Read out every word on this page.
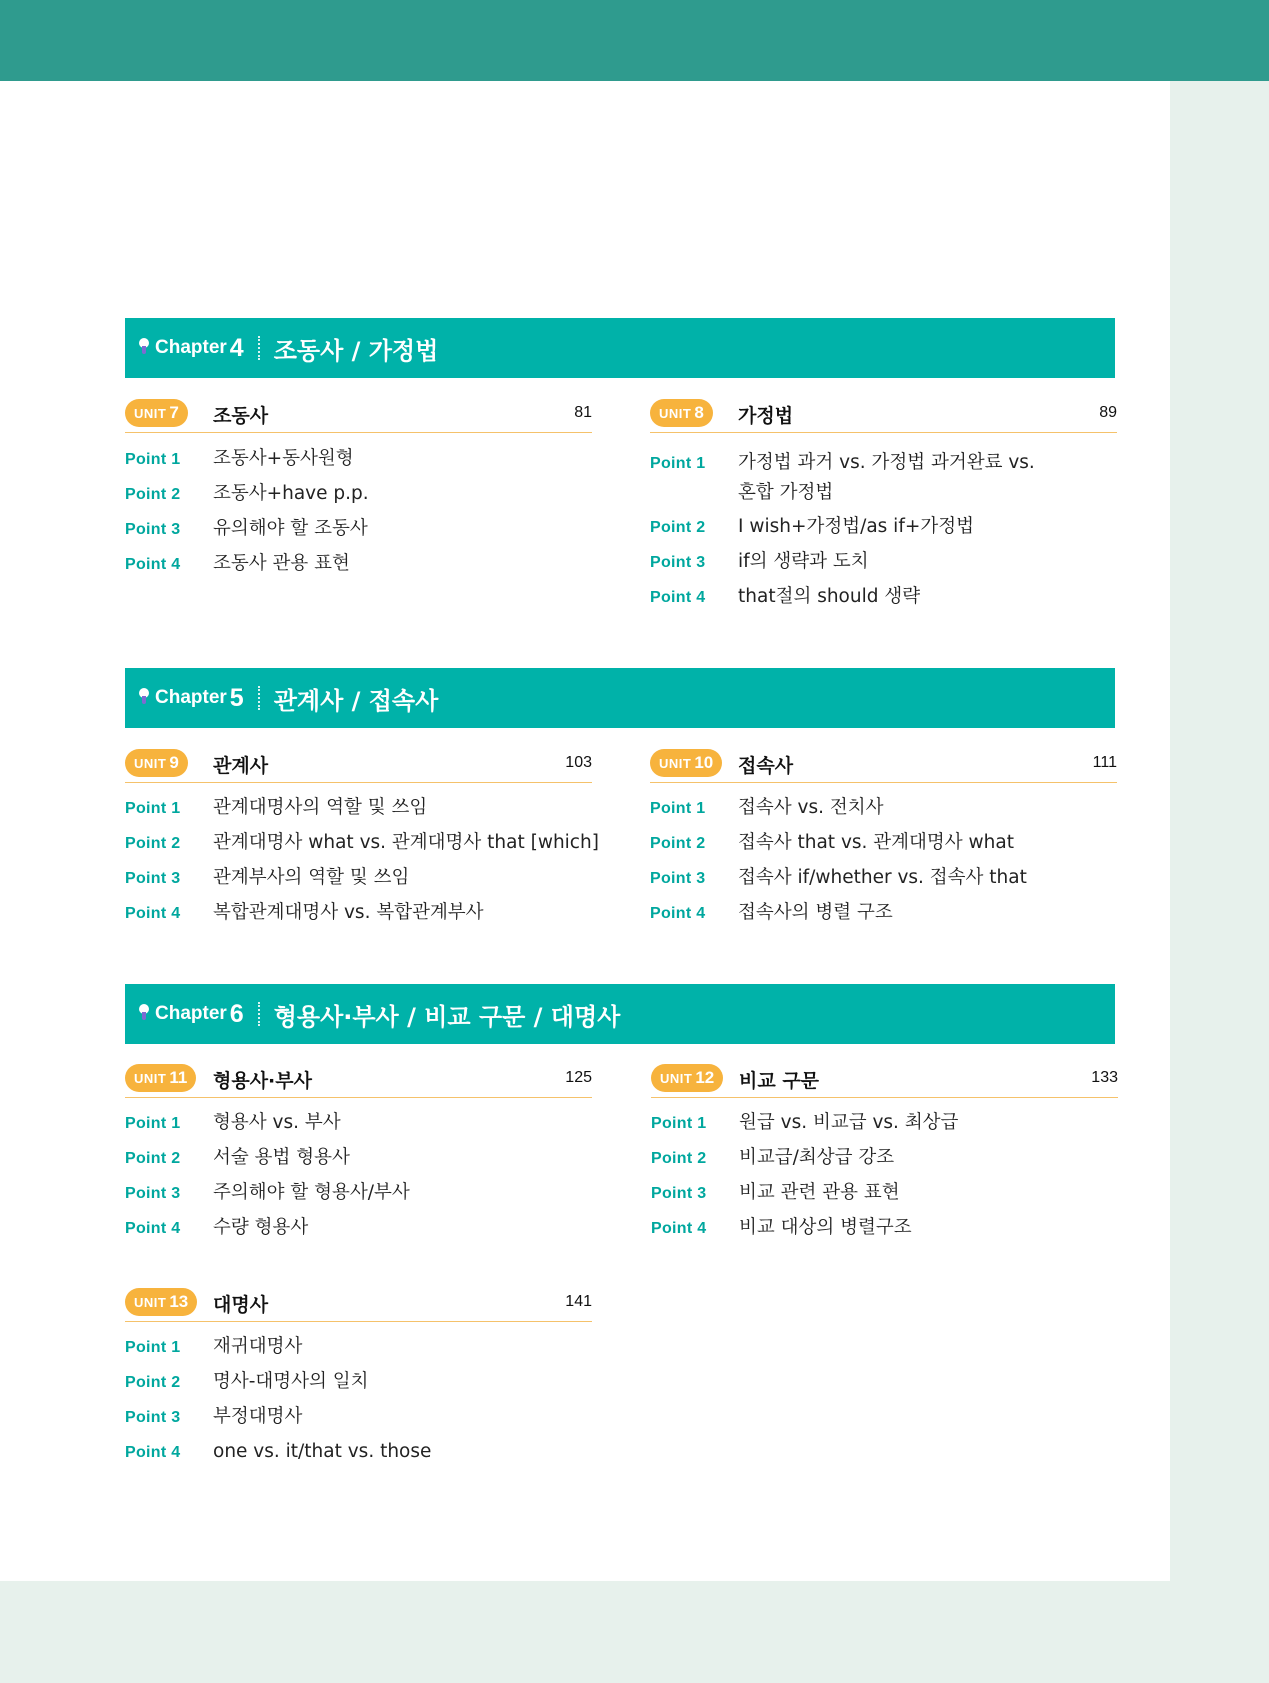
Chapter 4 조동사 / 가정법
UNIT 7 조동사	81
Point 1 조동사+동사원형
Point 2 조동사+have p.p.
Point 3 유의해야 할 조동사
Point 4 조동사 관용 표현
UNIT 8 가정법	89
Point 1 가정법 과거 vs. 가정법 과거완료 vs.
혼합 가정법
Point 2 I wish+가정법/as if+가정법
Point 3 if의 생략과 도치
Point 4 that절의 should 생략
Chapter 5 관계사 / 접속사
UNIT 9 관계사	103
Point 1 관계대명사의 역할 및 쓰임
Point 2 관계대명사 what vs. 관계대명사 that [which]
Point 3 관계부사의 역할 및 쓰임
Point 4 복합관계대명사 vs. 복합관계부사
UNIT 10 접속사	111
Point 1 접속사 vs. 전치사
Point 2 접속사 that vs. 관계대명사 what
Point 3 접속사 if/whether vs. 접속사 that
Point 4 접속사의 병렬 구조
Chapter 6 형용사·부사 / 비교 구문 / 대명사
UNIT 11 형용사·부사	125
Point 1 형용사 vs. 부사
Point 2 서술 용법 형용사
Point 3 주의해야 할 형용사/부사
Point 4 수량 형용사
UNIT 12 비교 구문	133
Point 1 원급 vs. 비교급 vs. 최상급
Point 2 비교급/최상급 강조
Point 3 비교 관련 관용 표현
Point 4 비교 대상의 병렬구조
UNIT 13 대명사	141
Point 1 재귀대명사
Point 2 명사-대명사의 일치
Point 3 부정대명사
Point 4 one vs. it/that vs. those
